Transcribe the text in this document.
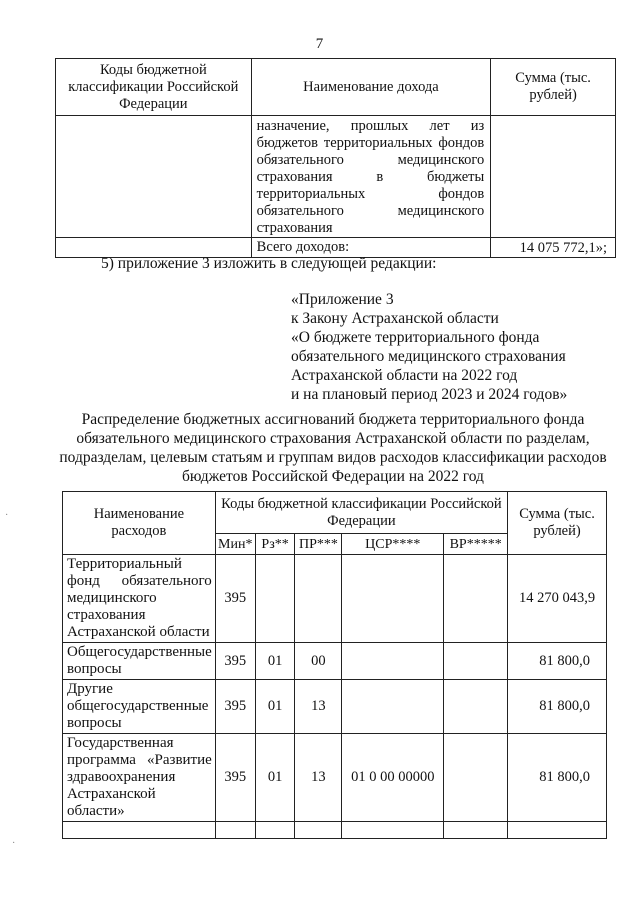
7
Коды бюджетной классификации Российской Федерации	Наименование дохода	Сумма (тыс. рублей)
	назначение, прошлых лет из бюджетов территориальных фондов обязательного медицинского страхования в бюджеты территориальных фондов обязательного медицинского страхования	
	Всего доходов:	14 075 772,1»;
5) приложение 3 изложить в следующей редакции:
«Приложение 3
к Закону Астраханской области
«О бюджете территориального фонда
обязательного медицинского страхования
Астраханской области на 2022 год
и на плановый период 2023 и 2024 годов»
Распределение бюджетных ассигнований бюджета территориального фонда обязательного медицинского страхования Астраханской области по разделам, подразделам, целевым статьям и группам видов расходов классификации расходов бюджетов Российской Федерации на 2022 год
Наименование расходов	Коды бюджетной классификации Российской Федерации					Сумма (тыс. рублей)
	Мин*	Рз**	ПР***	ЦСР****	ВР*****	
Территориальный фонд обязательного медицинского страхования Астраханской области	395					14 270 043,9
Общегосударственные вопросы	395	01	00			81 800,0
Другие общегосударственные вопросы	395	01	13			81 800,0
Государственная программа «Развитие здравоохранения Астраханской области»	395	01	13	01 0 00 00000		81 800,0

·
·
